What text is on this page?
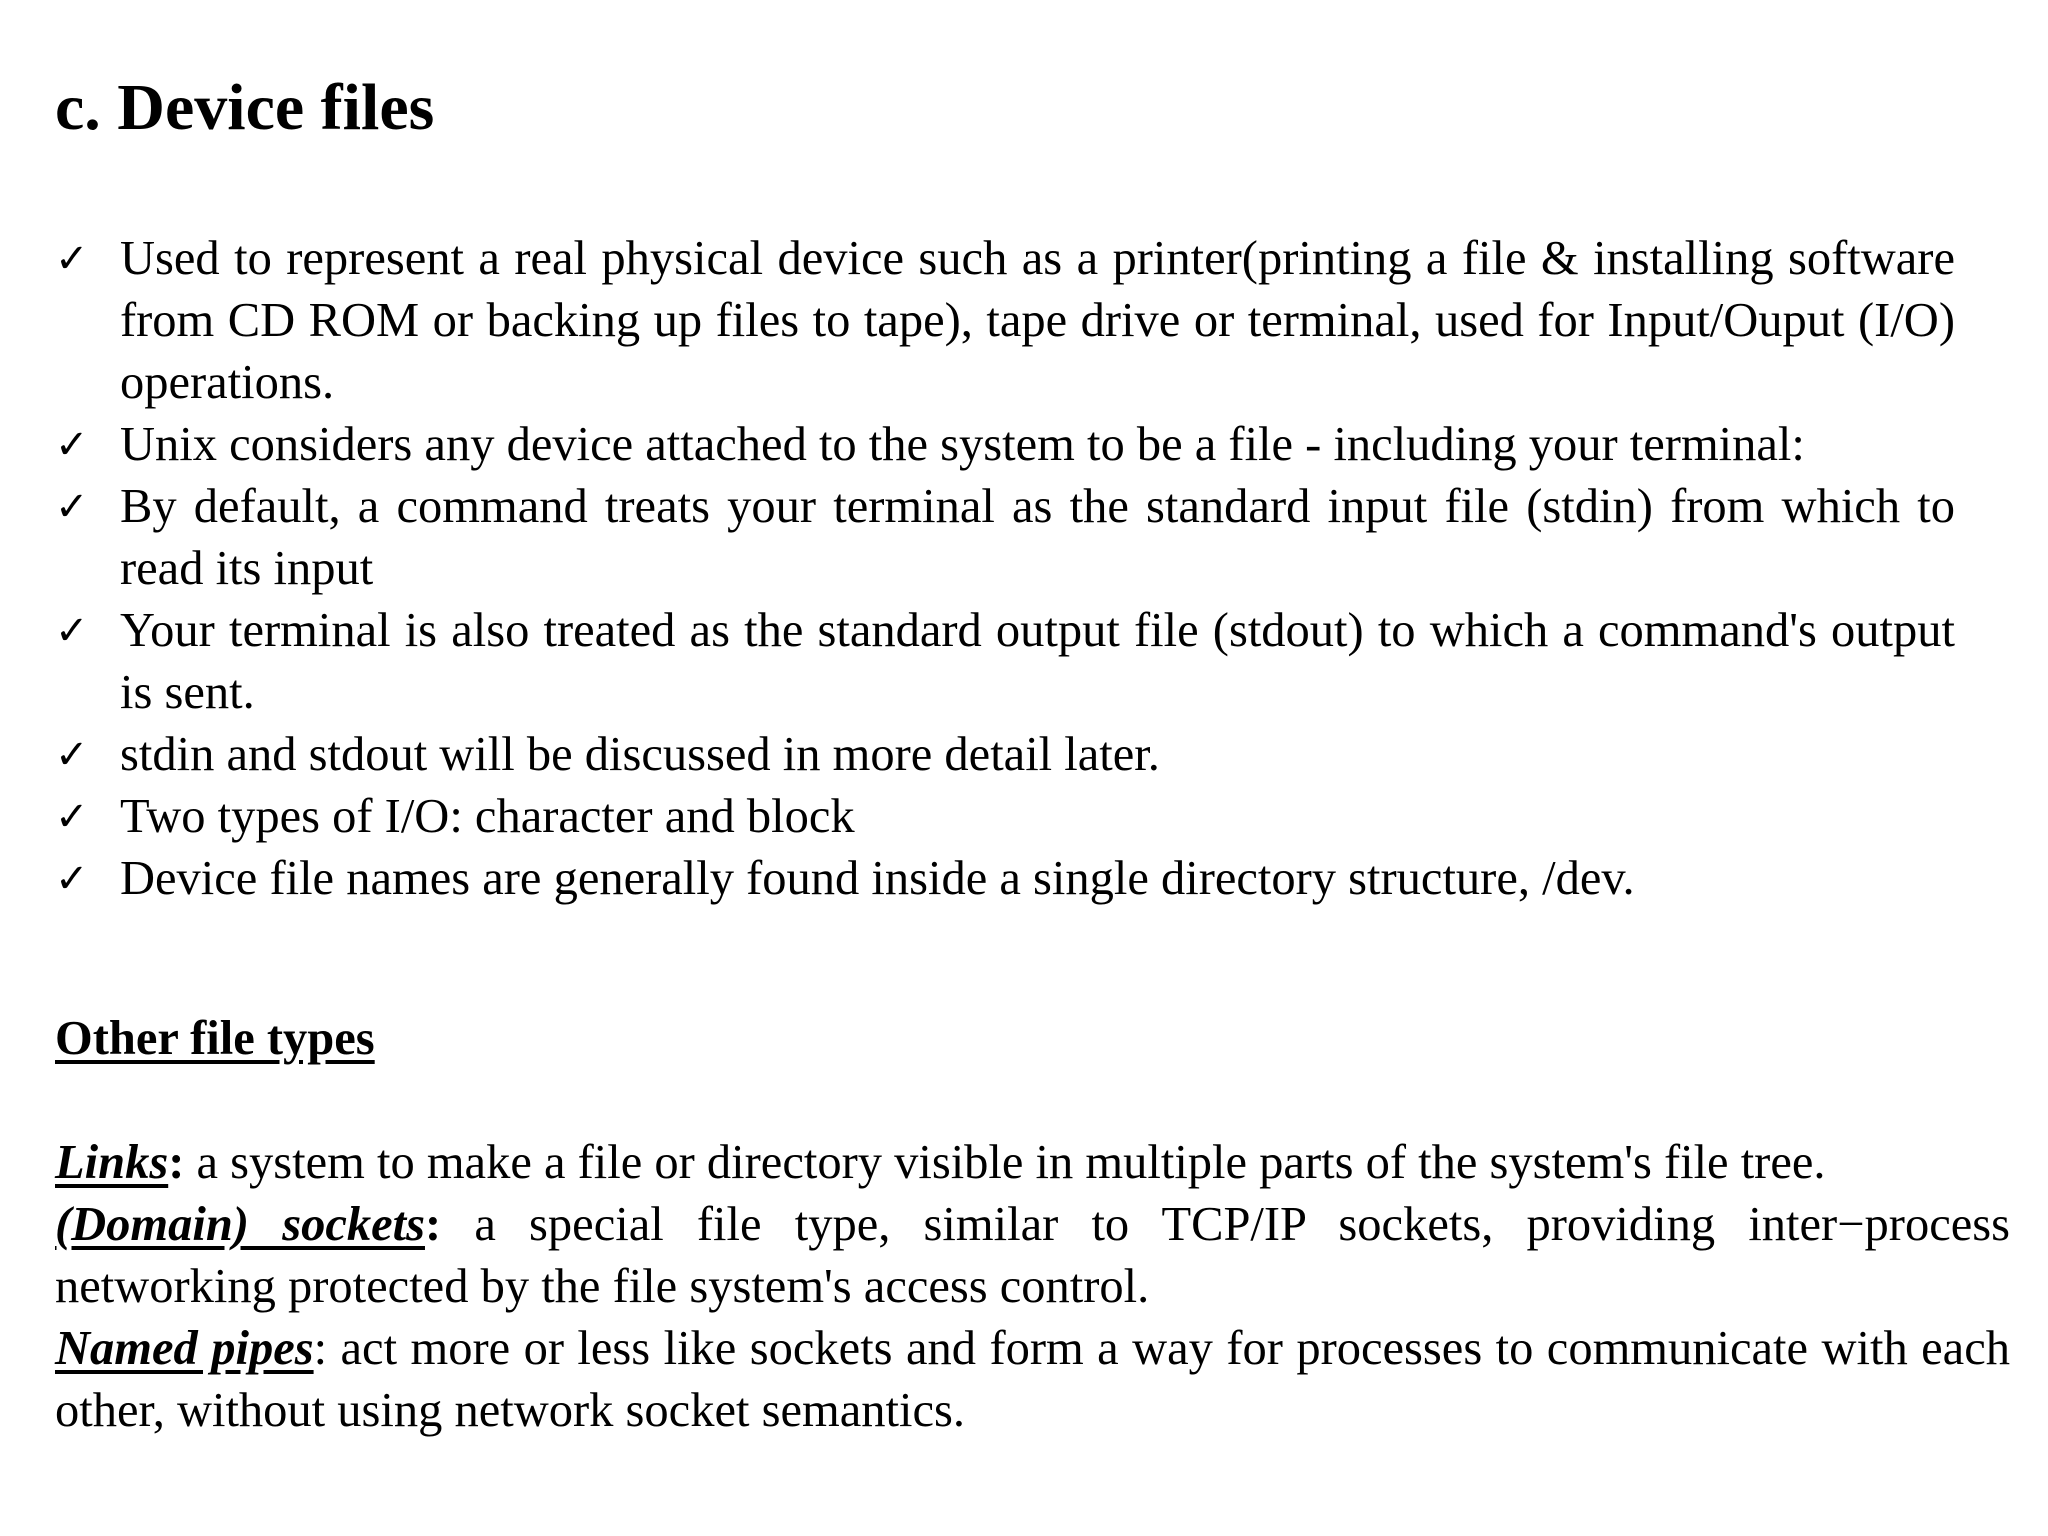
c. Device files
✓ Used to represent a real physical device such as a printer(printing a file & installing software from CD ROM or backing up files to tape), tape drive or terminal, used for Input/Ouput (I/O) operations.
✓ Unix considers any device attached to the system to be a file - including your terminal:
✓ By default, a command treats your terminal as the standard input file (stdin) from which to read its input
✓ Your terminal is also treated as the standard output file (stdout) to which a command's output is sent.
✓ stdin and stdout will be discussed in more detail later.
✓ Two types of I/O: character and block
✓ Device file names are generally found inside a single directory structure, /dev.
Other file types

Links: a system to make a file or directory visible in multiple parts of the system's file tree.

(Domain) sockets: a special file type, similar to TCP/IP sockets, providing inter−process networking protected by the file system's access control.

Named pipes: act more or less like sockets and form a way for processes to communicate with each other, without using network socket semantics.
